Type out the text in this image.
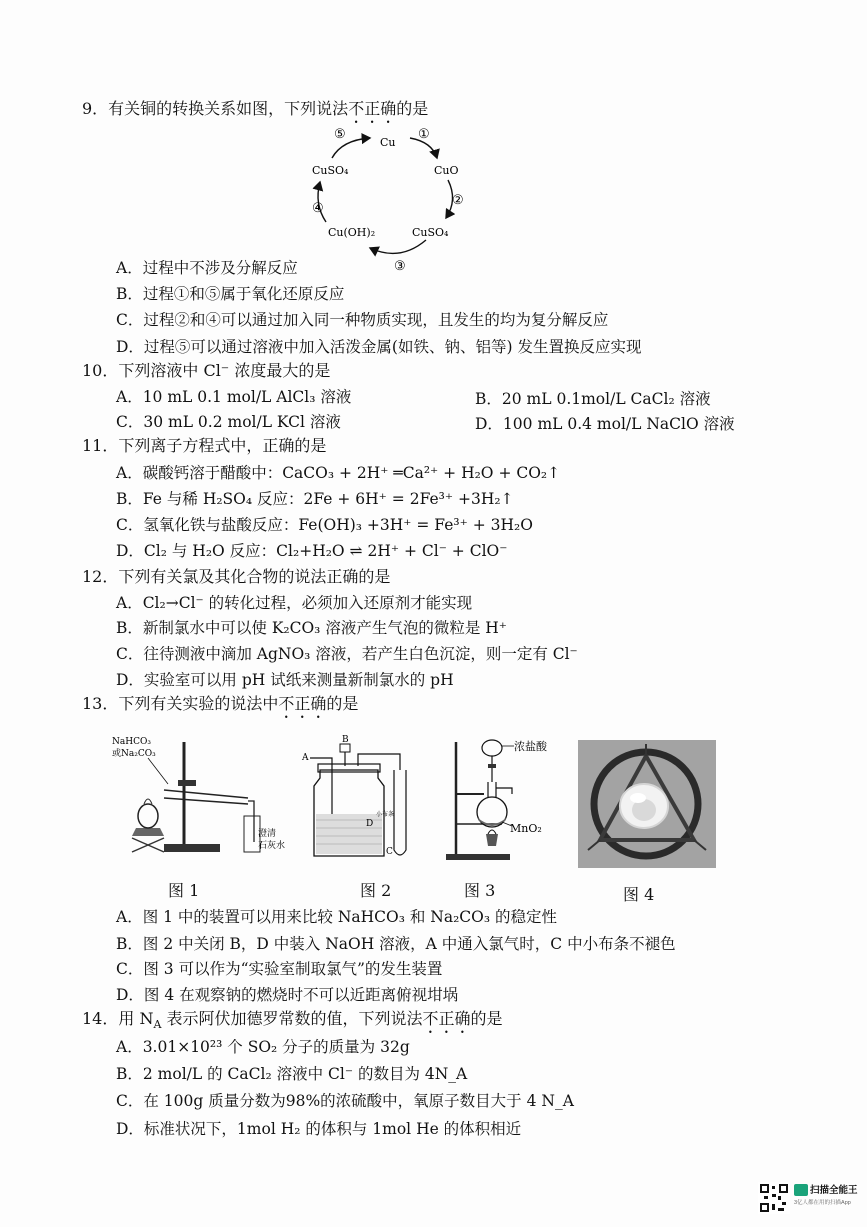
9．有关铜的转换关系如图，下列说法不正确的是
Cu
CuO
CuSO₄
Cu(OH)₂
CuSO₄
①
②
③
④
⑤
A．过程中不涉及分解反应
B．过程①和⑤属于氧化还原反应
C．过程②和④可以通过加入同一种物质实现，且发生的均为复分解反应
D．过程⑤可以通过溶液中加入活泼金属(如铁、钠、铝等) 发生置换反应实现
10．下列溶液中 Cl⁻ 浓度最大的是
A．10 mL 0.1 mol/L AlCl₃ 溶液	B．20 mL 0.1mol/L CaCl₂ 溶液
C．30 mL 0.2 mol/L KCl 溶液	D．100 mL 0.4 mol/L NaClO 溶液
11．下列离子方程式中，正确的是
A．碳酸钙溶于醋酸中：CaCO₃ + 2H⁺ ═Ca²⁺ + H₂O + CO₂↑
B．Fe 与稀 H₂SO₄ 反应：2Fe + 6H⁺ = 2Fe³⁺ +3H₂↑
C．氢氧化铁与盐酸反应：Fe(OH)₃ +3H⁺ = Fe³⁺ + 3H₂O
D．Cl₂ 与 H₂O 反应：Cl₂+H₂O ⇌ 2H⁺ + Cl⁻ + ClO⁻
12．下列有关氯及其化合物的说法正确的是
A．Cl₂→Cl⁻ 的转化过程，必须加入还原剂才能实现
B．新制氯水中可以使 K₂CO₃ 溶液产生气泡的微粒是 H⁺
C．往待测液中滴加 AgNO₃ 溶液，若产生白色沉淀，则一定有 Cl⁻
D．实验室可以用 pH 试纸来测量新制氯水的 pH
13．下列有关实验的说法中不正确的是
NaHCO₃
或Na₂CO₃
澄清
石灰水
图 1
B
A
D
小布条
C
图 2
浓盐酸
MnO₂
图 3	图 4
A．图 1 中的装置可以用来比较 NaHCO₃ 和 Na₂CO₃ 的稳定性
B．图 2 中关闭 B，D 中装入 NaOH 溶液，A 中通入氯气时，C 中小布条不褪色
C．图 3 可以作为“实验室制取氯气”的发生装置
D．图 4 在观察钠的燃烧时不可以近距离俯视坩埚
14．用 $N_A$ 表示阿伏加德罗常数的值，下列说法不正确的是
A．3.01×10²³ 个 SO₂ 分子的质量为 32g
B．2 mol/L 的 CaCl₂ 溶液中 Cl⁻ 的数目为 4N_A
C．在 100g 质量分数为98%的浓硫酸中，氧原子数目大于 4 N_A
D．标准状况下，1mol H₂ 的体积与 1mol He 的体积相近
扫描全能王
3亿人都在用的扫描App
